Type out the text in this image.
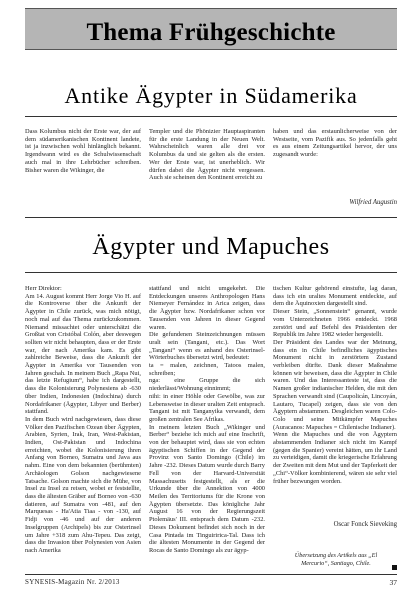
Thema Frühgeschichte
Antike Ägypter in Südamerika
Dass Kolumbus nicht der Erste war, der auf dem südamerikanischen Kontinent landete, ist ja inzwischen wohl hinlänglich bekannt. Irgendwann wird es die Schulwissenschaft auch mal in ihre Lehrbücher schreiben. Bisher waren die Wikinger, die
Templer und die Phönizier Hauptaspiranten für die erste Landung in der Neuen Welt. Wahrscheinlich waren alle drei vor Kolumbus da und sie gelten als die ersten. Wer der Erste war, ist unerheblich. Wir dürfen dabei die Ägypter nicht vergessen. Auch sie scheinen den Kontinent erreicht zu
haben und das erstaunlicherweise von der Westseite, vom Pazifik aus. So jedenfalls geht es aus einem Zeitungsartikel hervor, der uns zugesandt wurde:
Wilfried Augustin
Ägypter und Mapuches
Herr Direktor:
Am 14. August kommt Herr Jorge Vio H. auf die Kontroverse über die Ankunft der Ägypter in Chile zurück, was mich nötigt, noch mal auf das Thema zurückzukommen. Niemand missachtet oder unterschätzt die Großtat von Cristóbal Colón, aber deswegen sollten wir nicht behaupten, dass er der Erste war, der nach Amerika kam. Es gibt zahlreiche Beweise, dass die Ankunft der Ägypter in Amerika vor Tausenden von Jahren geschah. In meinem Buch „Rapa Nui, das letzte Refugium“, habe ich dargestellt, dass die Kolonisierung Polynesiens ab -630 über Indien, Indonesien (Indochina) durch Nordafrikaner (Ägypter, Libyer und Berber) stattfand.
In dem Buch wird nachgewiesen, dass diese Völker den Pazifischen Ozean über Ägypten, Arabien, Syrien, Irak, Iran, West-Pakistan, Indien, Ost-Pakistan und Indochina erreichten, wobei die Kolonisierung ihren Anfang von Borneo, Sumatra und Java aus nahm. Eine von dem bekannten (berühmten) Archäologen Golson nachgewiesene Tatsache. Golson machte sich die Mühe, von Insel zu Insel zu reisen, wobei er feststellte, dass die ältesten Gräber auf Borneo von -630 datieren, auf Sumatra von -481, auf den Marquesas - Ha'Atia Tiaa - von -130, auf Fidji von -46 und auf der anderen Inselgruppen (Archipels) bis zur Osterinsel um Jahre +318 zum Ahu-Tepeu. Das zeigt, dass die Invasion über Polynesien von Asien nach Amerika
stattfand und nicht umgekehrt. Die Entdeckungen unseres Anthropologen Hans Niemeyer Fernández in Arica zeigen, dass die Ägypter bzw. Nordafrikaner schon vor Tausenden von Jahren in dieser Gegend waren.
Die gefundenen Steinzeichnungen müssen uralt sein (Tangani, etc.). Das Wort „Tangani“ wenn es anhand des Osterinsel-Wörterbuches übersetzt wird, bedeutet:
ta = malen, zeichnen, Tatoos malen, schreiben;
nga: eine Gruppe die sich niederlässt/Wohnung einnimmt;
nihi: in einer Höhle oder Gewölbe, was zur Lebensweise in dieser uralten Zeit entsprach. Tangani ist mit Tanganyika verwandt, dem großen zentralen See Afrikas.
In meinem letzten Buch „Wikinger und Berber“ beziehe ich mich auf eine Inschrift, von der behauptet wird, dass sie von echten ägyptischen Schiffen in der Gegend der Provinz von Santo Domingo (Chile) im Jahre -232. Dieses Datum wurde durch Barry Fell von der Harvard-Universität Massachusetts festgestellt, als er die Urkunde über die Annektion von 4000 Meilen des Territoriums für die Krone von Ägypten übersetzte. Das königliche Jahr August 16 von der Regierungszeit Ptolemäus' III. entsprach dem Datum -232. Dieses Dokument befindet sich noch in der Casa Pintada im Tinguiririca-Tal. Dass ich die ältesten Monumente in der Gegend der Rocas de Santo Domingo als zur ägyp-
tischen Kultur gehörend einstufte, lag daran, dass ich ein uraltes Monument entdeckte, auf dem die Äquinoxien dargestellt sind.
Dieser Stein, „Sonnenstein“ genannt, wurde vom Unterzeichneten 1966 entdeckt. 1968 zerstört und auf Befehl des Präsidenten der Republik im Jahre 1982 wieder hergestellt.
Der Präsident des Landes war der Meinung, dass ein in Chile befindliches ägyptisches Monument nicht in zerstörtem Zustand verbleiben dürfte. Dank dieser Maßnahme können wir beweisen, dass die Ägypter in Chile waren. Und das Interessanteste ist, dass die Namen großer indianischer Helden, die mit den Sprachen verwandt sind (Caupolicán, Lincoyán, Lautaro, Tucapel) zeigen, dass sie von den Ägyptern abstammen. Desgleichen waren Colo-Colo und seine Mitkämpfer Mapuches (Auracanos: Mapuches = Chilenische Indianer).
Wenn die Mapuches und die von Ägyptern abstammenden Indianer sich nicht im Kampf (gegen die Spanier) vereint hätten, um ihr Land zu verteidigen, damit die kriegerische Erfahrung der Zweiten mit dem Mut und der Tapferkeit der „Chi“-Völker kombinierend, wären sie sehr viel früher bezwungen worden.
Oscar Fonck Sieveking
Übersetzung des Artikels aus „El Mercurio“, Santiago, Chile.
SYNESIS-Magazin Nr. 2/2013	37
